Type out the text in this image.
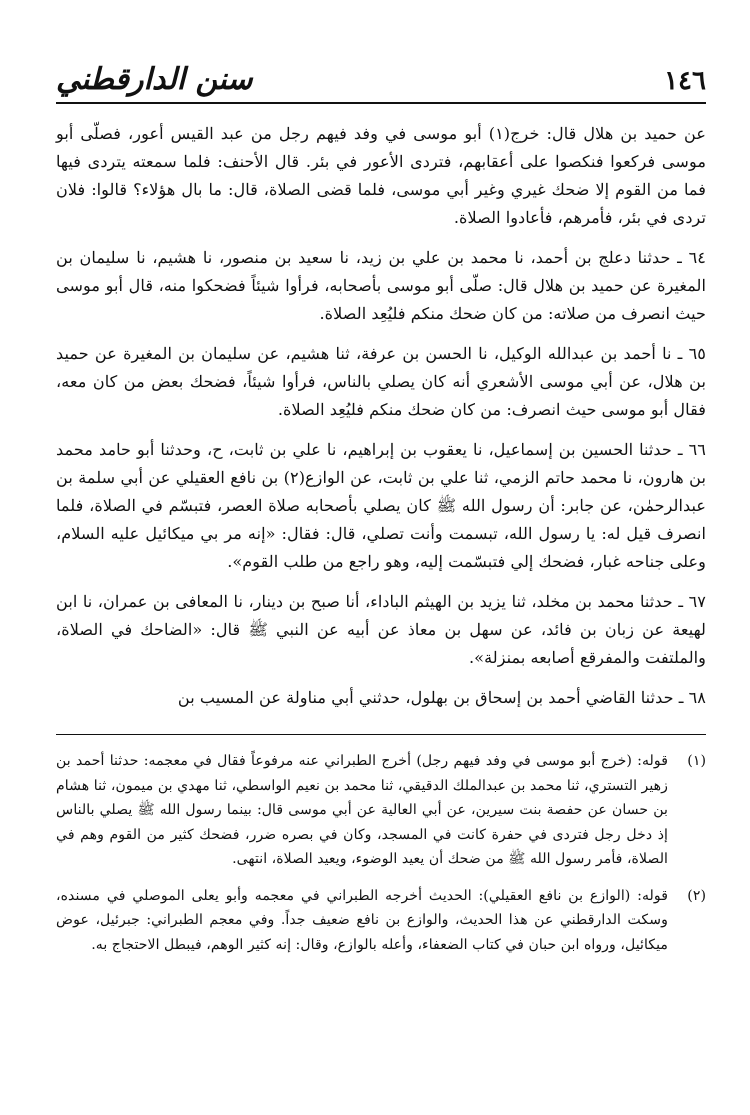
١٤٦
سنن الدارقطني

عن حميد بن هلال قال: خرج(١) أبو موسى في وفد فيهم رجل من عبد القيس أعور، فصلّى أبو موسى فركعوا فنكصوا على أعقابهم، فتردى الأعور في بئر. قال الأحنف: فلما سمعته يتردى فيها فما من القوم إلا ضحك غيري وغير أبي موسى، فلما قضى الصلاة، قال: ما بال هؤلاء؟ قالوا: فلان تردى في بئر، فأمرهم، فأعادوا الصلاة.

٦٤ ـ حدثنا دعلج بن أحمد، نا محمد بن علي بن زيد، نا سعيد بن منصور، نا هشيم، نا سليمان بن المغيرة عن حميد بن هلال قال: صلّى أبو موسى بأصحابه، فرأوا شيئاً فضحكوا منه، قال أبو موسى حيث انصرف من صلاته: من كان ضحك منكم فليُعِد الصلاة.

٦٥ ـ نا أحمد بن عبدالله الوكيل، نا الحسن بن عرفة، ثنا هشيم، عن سليمان بن المغيرة عن حميد بن هلال، عن أبي موسى الأشعري أنه كان يصلي بالناس، فرأوا شيئاً، فضحك بعض من كان معه، فقال أبو موسى حيث انصرف: من كان ضحك منكم فليُعِد الصلاة.

٦٦ ـ حدثنا الحسين بن إسماعيل، نا يعقوب بن إبراهيم، نا علي بن ثابت، ح، وحدثنا أبو حامد محمد بن هارون، نا محمد حاتم الزمي، ثنا علي بن ثابت، عن الوازع(٢) بن نافع العقيلي عن أبي سلمة بن عبدالرحمٰن، عن جابر: أن رسول الله ﷺ كان يصلي بأصحابه صلاة العصر، فتبسّم في الصلاة، فلما انصرف قيل له: يا رسول الله، تبسمت وأنت تصلي، قال: فقال: «إنه مر بي ميكائيل عليه السلام، وعلى جناحه غبار، فضحك إلي فتبسّمت إليه، وهو راجع من طلب القوم».

٦٧ ـ حدثنا محمد بن مخلد، ثنا يزيد بن الهيثم الباداء، أنا صبح بن دينار، نا المعافى بن عمران، نا ابن لهيعة عن زبان بن فائد، عن سهل بن معاذ عن أبيه عن النبي ﷺ قال: «الضاحك في الصلاة، والملتفت والمفرقع أصابعه بمنزلة».

٦٨ ـ حدثنا القاضي أحمد بن إسحاق بن بهلول، حدثني أبي مناولة عن المسيب بن

(١)
قوله: (خرج أبو موسى في وفد فيهم رجل) أخرج الطبراني عنه مرفوعاً فقال في معجمه: حدثنا أحمد بن زهير التستري، ثنا محمد بن عبدالملك الدقيقي، ثنا محمد بن نعيم الواسطي، ثنا مهدي بن ميمون، ثنا هشام بن حسان عن حفصة بنت سيرين، عن أبي العالية عن أبي موسى قال: بينما رسول الله ﷺ يصلي بالناس إذ دخل رجل فتردى في حفرة كانت في المسجد، وكان في بصره ضرر، فضحك كثير من القوم وهم في الصلاة، فأمر رسول الله ﷺ من ضحك أن يعيد الوضوء، ويعيد الصلاة، انتهى.
(٢)
قوله: (الوازع بن نافع العقيلي): الحديث أخرجه الطبراني في معجمه وأبو يعلى الموصلي في مسنده، وسكت الدارقطني عن هذا الحديث، والوازع بن نافع ضعيف جداً. وفي معجم الطبراني: جبرئيل، عوض ميكائيل، ورواه ابن حبان في كتاب الضعفاء، وأعله بالوازع، وقال: إنه كثير الوهم، فيبطل الاحتجاج به.
